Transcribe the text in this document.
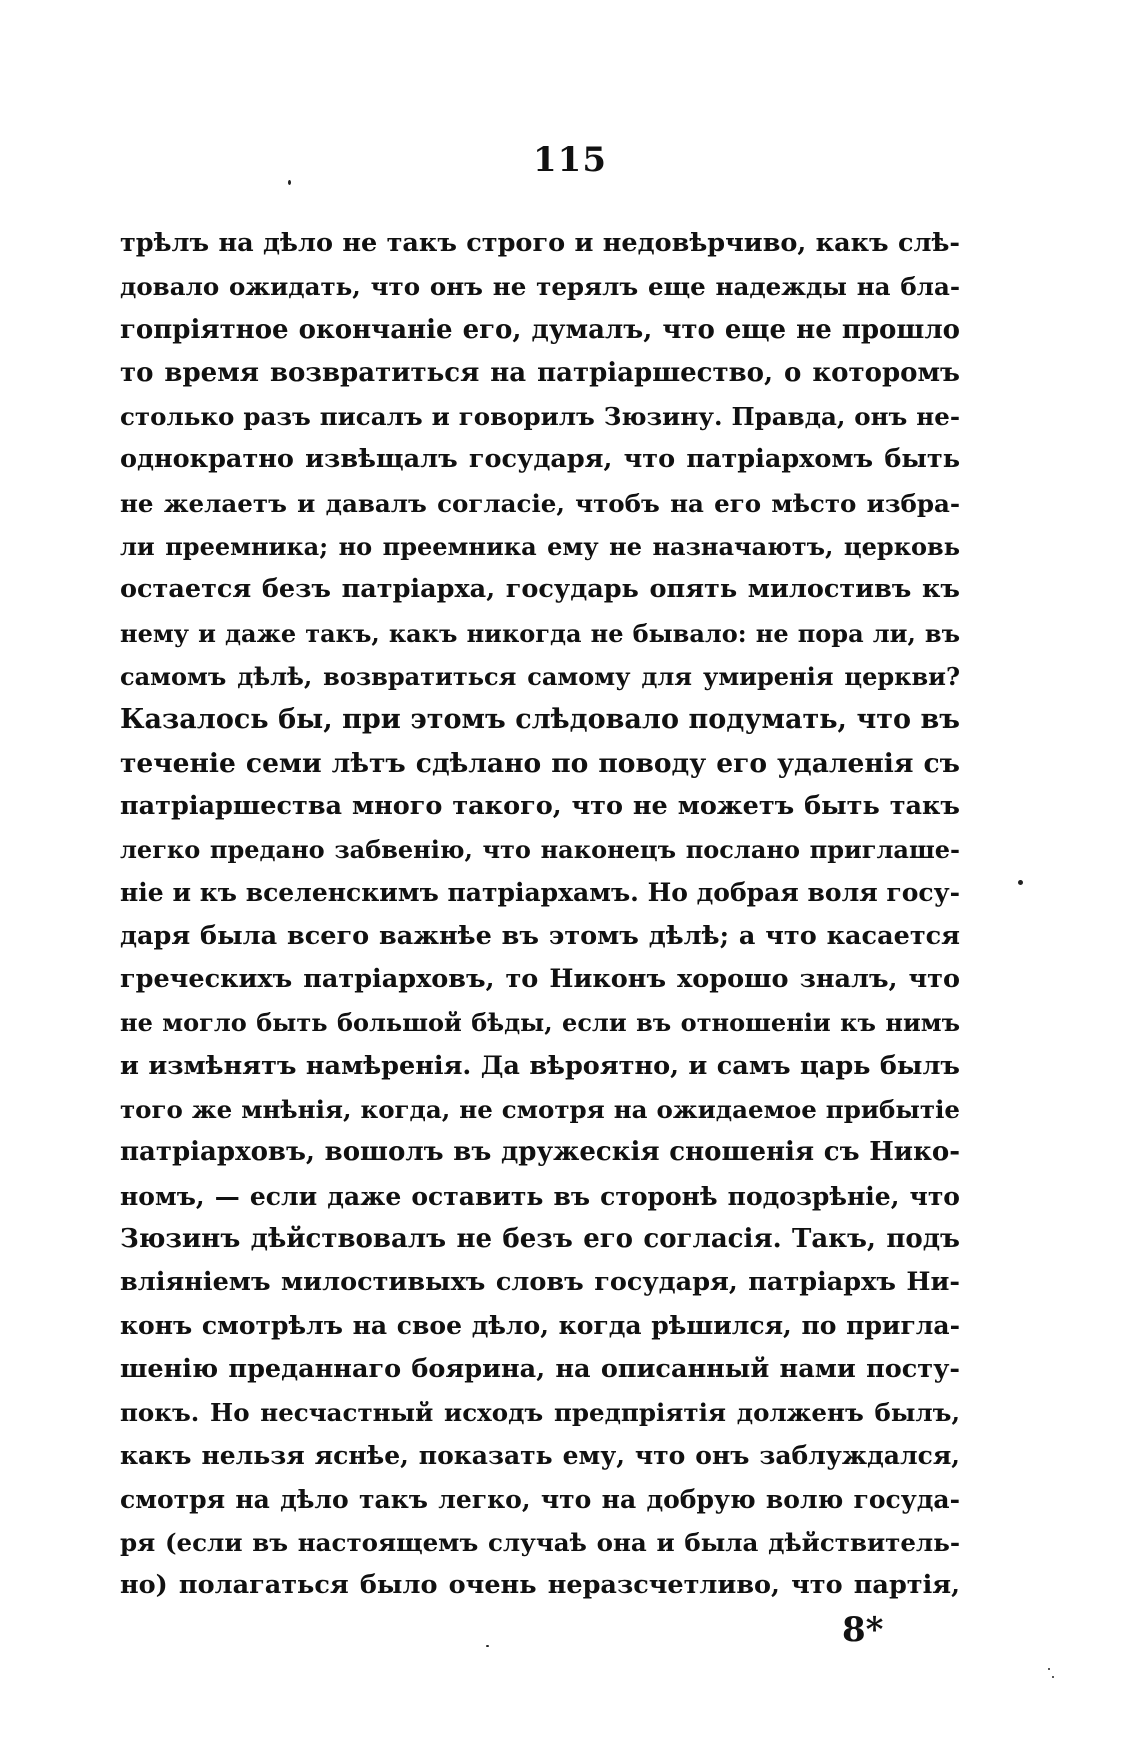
115
трѣлъ на дѣло не такъ строго и недовѣрчиво, какъ слѣ-
довало ожидать, что онъ не терялъ еще надежды на бла-
гопріятное окончаніе его, думалъ, что еще не прошло
то время возвратиться на патріаршество, о которомъ
столько разъ писалъ и говорилъ Зюзину. Правда, онъ не-
однократно извѣщалъ государя, что патріархомъ быть
не желаетъ и давалъ согласіе, чтобъ на его мѣсто избра-
ли преемника; но преемника ему не назначаютъ, церковь
остается безъ патріарха, государь опять милостивъ къ
нему и даже такъ, какъ никогда не бывало: не пора ли, въ
самомъ дѣлѣ, возвратиться самому для умиренія церкви?
Казалось бы, при этомъ слѣдовало подумать, что въ
теченіе семи лѣтъ сдѣлано по поводу его удаленія съ
патріаршества много такого, что не можетъ быть такъ
легко предано забвенію, что наконецъ послано приглаше-
ніе и къ вселенскимъ патріархамъ. Но добрая воля госу-
даря была всего важнѣе въ этомъ дѣлѣ; а что касается
греческихъ патріарховъ, то Никонъ хорошо зналъ, что
не могло быть большой бѣды, если въ отношеніи къ нимъ
и измѣнятъ намѣренія. Да вѣроятно, и самъ царь былъ
того же мнѣнія, когда, не смотря на ожидаемое прибытіе
патріарховъ, вошолъ въ дружескія сношенія съ Нико-
номъ, — если даже оставить въ сторонѣ подозрѣніе, что
Зюзинъ дѣйствовалъ не безъ его согласія. Такъ, подъ
вліяніемъ милостивыхъ словъ государя, патріархъ Ни-
конъ смотрѣлъ на свое дѣло, когда рѣшился, по пригла-
шенію преданнаго боярина, на описанный нами посту-
покъ. Но несчастный исходъ предпріятія долженъ былъ,
какъ нельзя яснѣе, показать ему, что онъ заблуждался,
смотря на дѣло такъ легко, что на добрую волю госуда-
ря (если въ настоящемъ случаѣ она и была дѣйствитель-
но) полагаться было очень неразсчетливо, что партія,
8*
